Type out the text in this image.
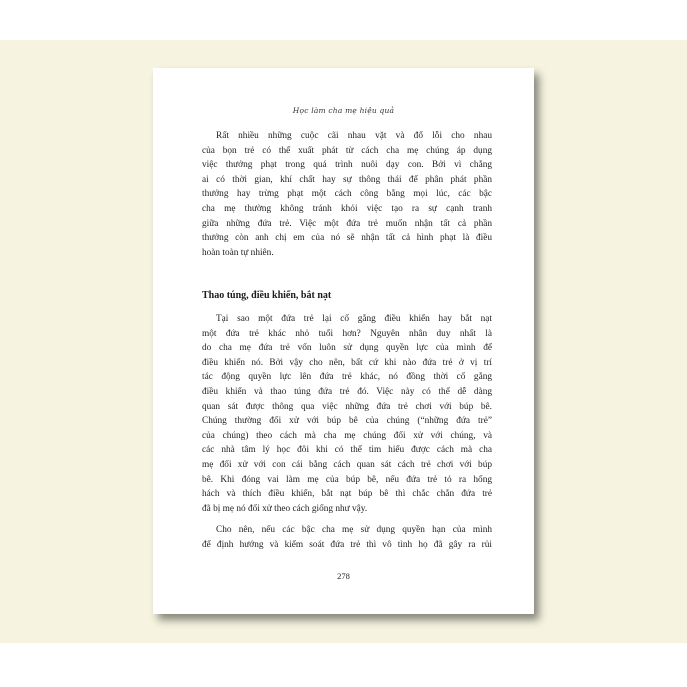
Học làm cha mẹ hiệu quả

Rất nhiều những cuộc cãi nhau vặt và đổ lỗi cho nhau
của bọn trẻ có thể xuất phát từ cách cha mẹ chúng áp dụng
việc thưởng phạt trong quá trình nuôi dạy con. Bởi vì chẳng
ai có thời gian, khí chất hay sự thông thái để phân phát phần
thưởng hay trừng phạt một cách công bằng mọi lúc, các bậc
cha mẹ thường không tránh khỏi việc tạo ra sự cạnh tranh
giữa những đứa trẻ. Việc một đứa trẻ muốn nhận tất cả phần
thưởng còn anh chị em của nó sẽ nhận tất cả hình phạt là điều
hoàn toàn tự nhiên.

Thao túng, điều khiển, bắt nạt

Tại sao một đứa trẻ lại cố gắng điều khiển hay bắt nạt
một đứa trẻ khác nhỏ tuổi hơn? Nguyên nhân duy nhất là
do cha mẹ đứa trẻ vốn luôn sử dụng quyền lực của mình để
điều khiển nó. Bởi vậy cho nên, bất cứ khi nào đứa trẻ ở vị trí
tác động quyền lực lên đứa trẻ khác, nó đồng thời cố gắng
điều khiển và thao túng đứa trẻ đó. Việc này có thể dễ dàng
quan sát được thông qua việc những đứa trẻ chơi với búp bê.
Chúng thường đối xử với búp bê của chúng (“những đứa trẻ”
của chúng) theo cách mà cha mẹ chúng đối xử với chúng, và
các nhà tâm lý học đôi khi có thể tìm hiểu được cách mà cha
mẹ đối xử với con cái bằng cách quan sát cách trẻ chơi với búp
bê. Khi đóng vai làm mẹ của búp bê, nếu đứa trẻ tỏ ra hống
hách và thích điều khiển, bắt nạt búp bê thì chắc chắn đứa trẻ
đã bị mẹ nó đối xử theo cách giống như vậy.

Cho nên, nếu các bậc cha mẹ sử dụng quyền hạn của mình
để định hướng và kiểm soát đứa trẻ thì vô tình họ đã gây ra rủi

278
